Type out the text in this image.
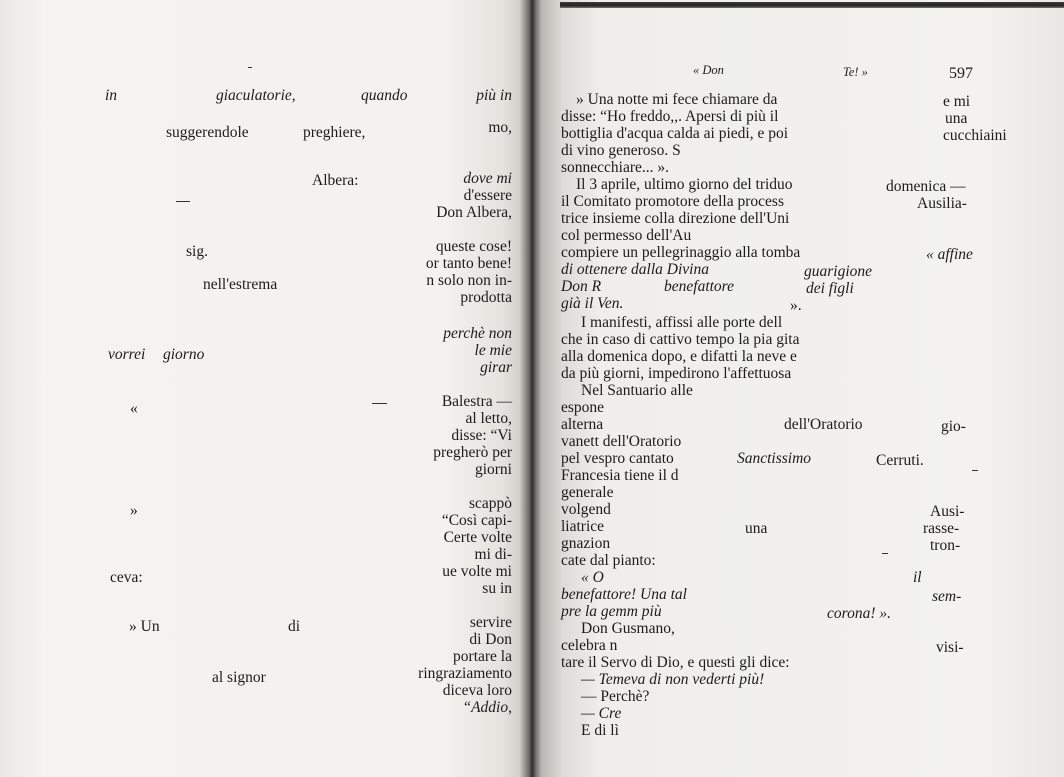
in	giaculatorie,	quando	più in
suggerendole	preghiere,	mo,
Albera:	dove mi
d'essere
Don Albera,
sig.	queste cose!
or tanto bene!
nell'estrema	n solo non in-
prodotta
perchè non
vorrei giorno	le mie
girar
Balestra —
«
al letto,
disse: “Vi
pregherò per
giorni
»	scappò
“Così capi-
Certe volte
mi di-
ceva:	ue volte mi
su in
» Un	di	servire
di Don
portare la
al signor	ringraziamento
diceva loro
“Addio,
« Don	Te! »	597
» Una notte mi fece chiamare da	e mi
disse: “Ho freddo,,. Apersi di più il	una
bottiglia d'acqua calda ai piedi, e poi	cucchiaini
di vino generoso. S
sonnecchiare... ».
Il 3 aprile, ultimo giorno del triduo	domenica —
il Comitato promotore della process	Ausilia-
trice insieme colla direzione dell'Uni
col permesso dell'Au
compiere un pellegrinaggio alla tomba	« affine
di ottenere dalla Divina	guarigione
Don R	benefattore	dei figli
già il Ven.	».
I manifesti, affissi alle porte dell
che in caso di cattivo tempo la pia gita
alla domenica dopo, e difatti la neve e
da più giorni, impedirono l'affettuosa
Nel Santuario alle
espone
alterna	dell'Oratorio	gio-
vanett dell'Oratorio
pel vespro cantato	Sanctissimo	Cerruti.
Francesia tiene il d
generale
volgend	Ausi-
liatrice	una	rasse-
gnazion	tron-
cate dal pianto:
« O	il
benefattore! Una tal	sem-
pre la gemm più	corona! ».
Don Gusmano,
celebra n	visi-
tare il Servo di Dio, e questi gli dice:
— Temeva di non vederti più!
— Perchè?
— Cre
E di lì
